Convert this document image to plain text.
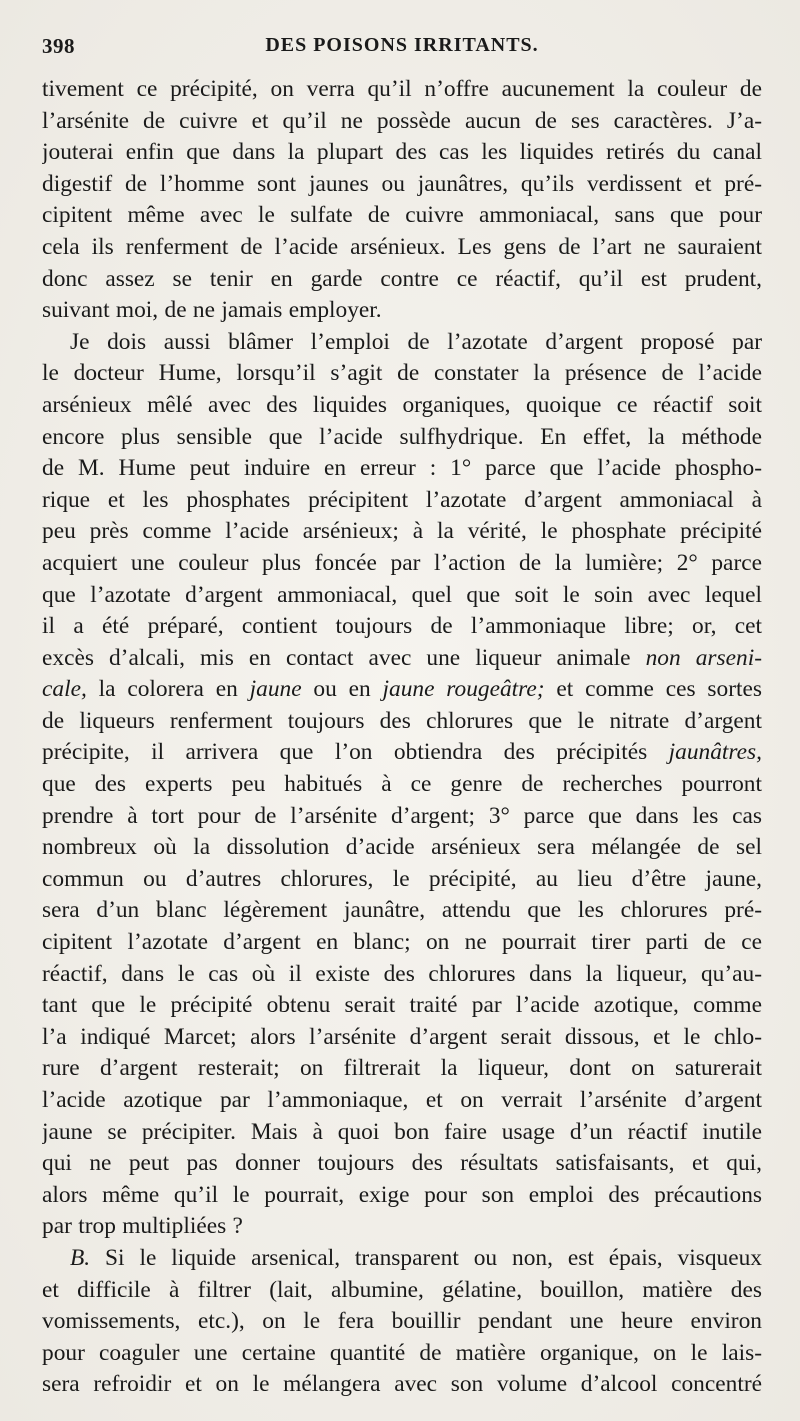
398	DES POISONS IRRITANTS.
tivement ce précipité, on verra qu’il n’offre aucunement la couleur de
l’arsénite de cuivre et qu’il ne possède aucun de ses caractères. J’a-
jouterai enfin que dans la plupart des cas les liquides retirés du canal
digestif de l’homme sont jaunes ou jaunâtres, qu’ils verdissent et pré-
cipitent même avec le sulfate de cuivre ammoniacal, sans que pour
cela ils renferment de l’acide arsénieux. Les gens de l’art ne sauraient
donc assez se tenir en garde contre ce réactif, qu’il est prudent,
suivant moi, de ne jamais employer.
Je dois aussi blâmer l’emploi de l’azotate d’argent proposé par
le docteur Hume, lorsqu’il s’agit de constater la présence de l’acide
arsénieux mêlé avec des liquides organiques, quoique ce réactif soit
encore plus sensible que l’acide sulfhydrique. En effet, la méthode
de M. Hume peut induire en erreur : 1° parce que l’acide phospho-
rique et les phosphates précipitent l’azotate d’argent ammoniacal à
peu près comme l’acide arsénieux; à la vérité, le phosphate précipité
acquiert une couleur plus foncée par l’action de la lumière; 2° parce
que l’azotate d’argent ammoniacal, quel que soit le soin avec lequel
il a été préparé, contient toujours de l’ammoniaque libre; or, cet
excès d’alcali, mis en contact avec une liqueur animale non arseni-
cale, la colorera en jaune ou en jaune rougeâtre; et comme ces sortes
de liqueurs renferment toujours des chlorures que le nitrate d’argent
précipite, il arrivera que l’on obtiendra des précipités jaunâtres,
que des experts peu habitués à ce genre de recherches pourront
prendre à tort pour de l’arsénite d’argent; 3° parce que dans les cas
nombreux où la dissolution d’acide arsénieux sera mélangée de sel
commun ou d’autres chlorures, le précipité, au lieu d’être jaune,
sera d’un blanc légèrement jaunâtre, attendu que les chlorures pré-
cipitent l’azotate d’argent en blanc; on ne pourrait tirer parti de ce
réactif, dans le cas où il existe des chlorures dans la liqueur, qu’au-
tant que le précipité obtenu serait traité par l’acide azotique, comme
l’a indiqué Marcet; alors l’arsénite d’argent serait dissous, et le chlo-
rure d’argent resterait; on filtrerait la liqueur, dont on saturerait
l’acide azotique par l’ammoniaque, et on verrait l’arsénite d’argent
jaune se précipiter. Mais à quoi bon faire usage d’un réactif inutile
qui ne peut pas donner toujours des résultats satisfaisants, et qui,
alors même qu’il le pourrait, exige pour son emploi des précautions
par trop multipliées ?
B. Si le liquide arsenical, transparent ou non, est épais, visqueux
et difficile à filtrer (lait, albumine, gélatine, bouillon, matière des
vomissements, etc.), on le fera bouillir pendant une heure environ
pour coaguler une certaine quantité de matière organique, on le lais-
sera refroidir et on le mélangera avec son volume d’alcool concentré
